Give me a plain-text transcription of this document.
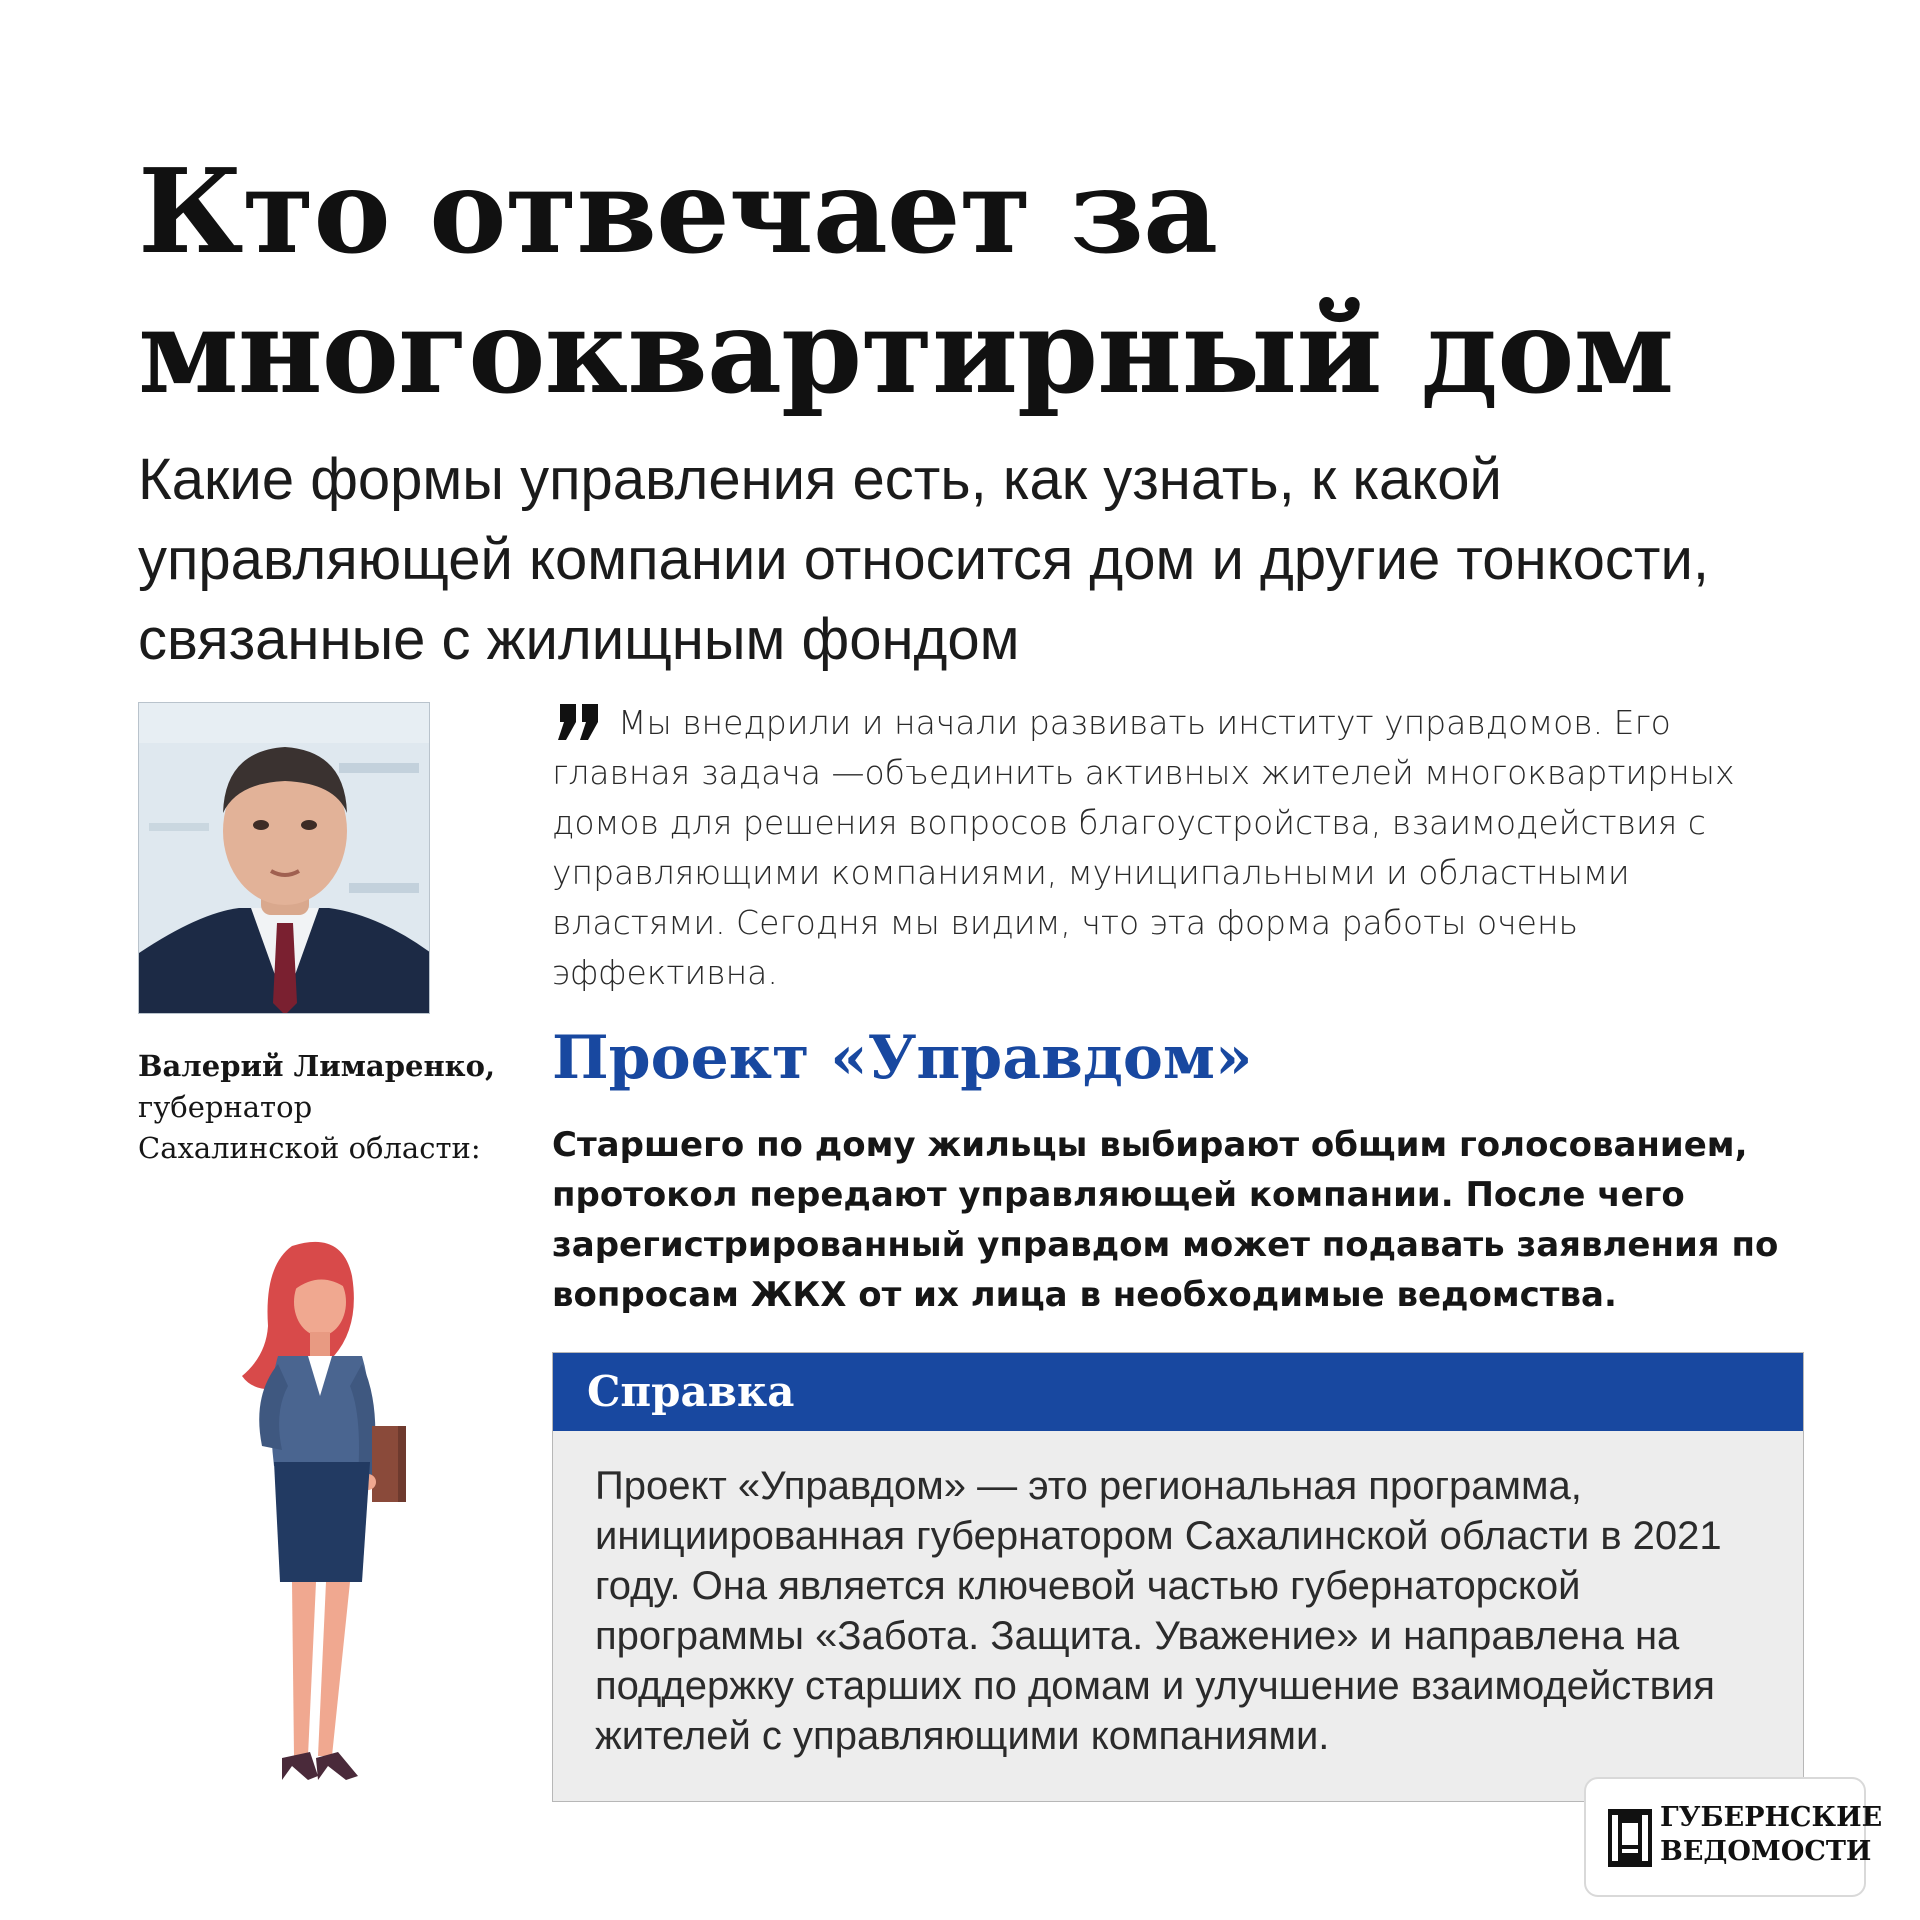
Кто отвечает за многоквартирный дом

Какие формы управления есть, как узнать, к какой управляющей компании относится дом и другие тонкости, связанные с жилищным фондом

Валерий Лимаренко,
губернатор Сахалинской области:

Мы внедрили и начали развивать институт управдомов. Его главная задача —объединить активных жителей многоквартирных домов для решения вопросов благоустройства, взаимодействия с управляющими компаниями, муниципальными и областными властями. Сегодня мы видим, что эта форма работы очень эффективна.

Проект «Управдом»

Старшего по дому жильцы выбирают общим голосованием, протокол передают управляющей компании. После чего зарегистрированный управдом может подавать заявления по вопросам ЖКХ от их лица в необходимые ведомства.

Справка

Проект «Управдом» — это региональная программа, инициированная губернатором Сахалинской области в 2021 году. Она является ключевой частью губернаторской программы «Забота. Защита. Уважение» и направлена на поддержку старших по домам и улучшение взаимодействия жителей с управляющими компаниями.

ГУБЕРНСКИЕ
ВЕДОМОСТИ
